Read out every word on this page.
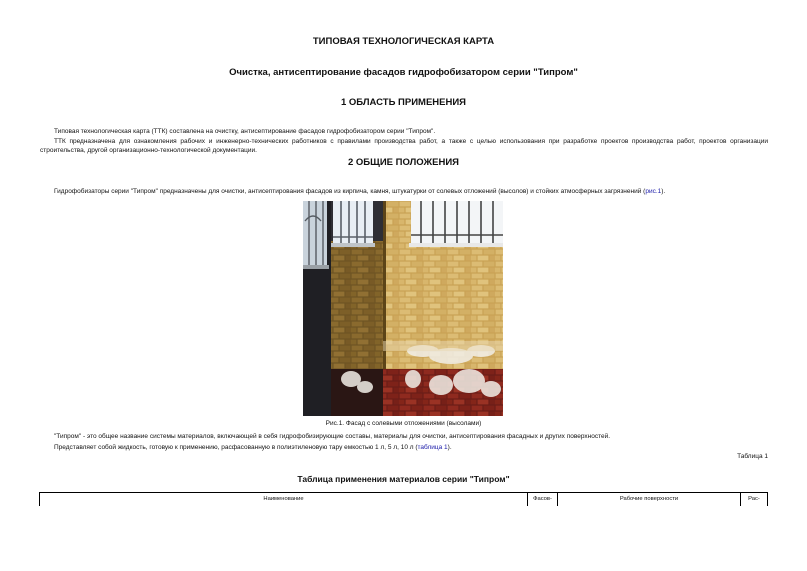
ТИПОВАЯ ТЕХНОЛОГИЧЕСКАЯ КАРТА
Очистка, антисептирование фасадов гидрофобизатором серии "Типром"
1 ОБЛАСТЬ ПРИМЕНЕНИЯ
Типовая технологическая карта (ТТК) составлена на очистку, антисептирование фасадов гидрофобизатором серии "Типром".
ТТК предназначена для ознакомления рабочих и инженерно-технических работников с правилами производства работ, а также с целью использования при разработке проектов производства работ, проектов организации строительства, другой организационно-технологической документации.
2 ОБЩИЕ ПОЛОЖЕНИЯ
Гидрофобизаторы серии "Типром" предназначены для очистки, антисептирования фасадов из кирпича, камня, штукатурки от солевых отложений (высолов) и стойких атмосферных загрязнений (рис.1).
Рис.1. Фасад с солевыми отложениями (высолами)
"Типром" - это общее название системы материалов, включающей в себя гидрофобизирующие составы, материалы для очистки, антисептирования фасадных и других поверхностей.
Представляет собой жидкость, готовую к применению, расфасованную в полиэтиленовую тару емкостью 1 л, 5 л, 10 л (таблица 1).
Таблица 1
Таблица применения материалов серии "Типром"
Наименование	Фасов-	Рабочие поверхности	Рас-
